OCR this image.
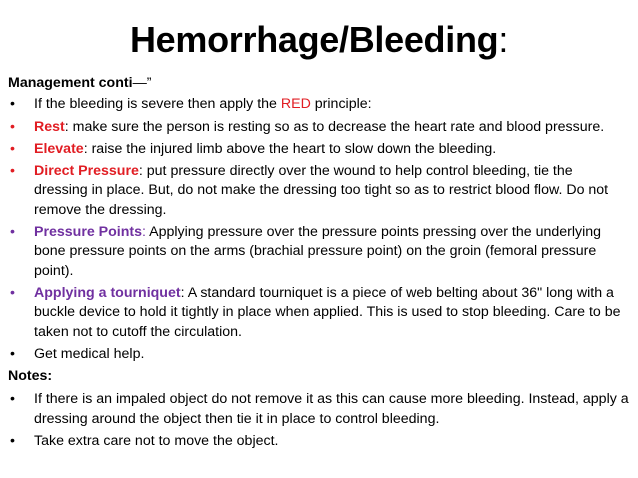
Hemorrhage/Bleeding:
Management conti—”
• If the bleeding is severe then apply the RED principle:
• Rest: make sure the person is resting so as to decrease the heart rate and blood pressure.
• Elevate: raise the injured limb above the heart to slow down the bleeding.
• Direct Pressure: put pressure directly over the wound to help control bleeding, tie the dressing in place. But, do not make the dressing too tight so as to restrict blood flow. Do not remove the dressing.
• Pressure Points: Applying pressure over the pressure points pressing over the underlying bone pressure points on the arms (brachial pressure point) on the groin (femoral pressure point).
• Applying a tourniquet: A standard tourniquet is a piece of web belting about 36" long with a buckle device to hold it tightly in place when applied. This is used to stop bleeding. Care to be taken not to cutoff the circulation.
• Get medical help.
Notes:
• If there is an impaled object do not remove it as this can cause more bleeding. Instead, apply a dressing around the object then tie it in place to control bleeding.
• Take extra care not to move the object.
